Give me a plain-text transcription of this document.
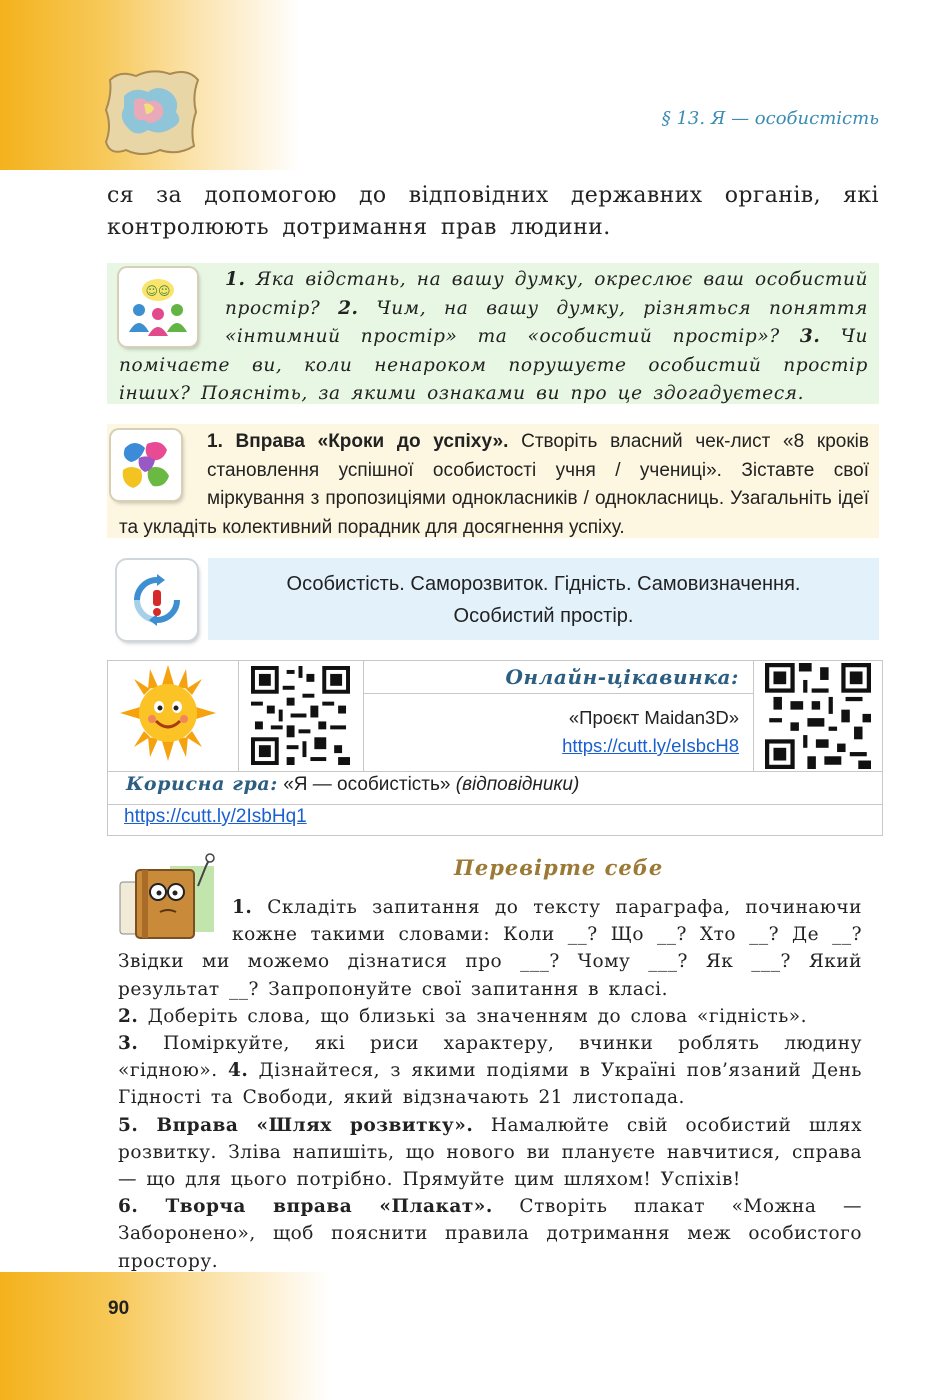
§ 13. Я — особистість

ся за допомогою до відповідних державних органів, які контролюють дотримання прав людини.

☺☺
1. Яка відстань, на вашу думку, окреслює ваш особистий простір? 2. Чим, на вашу думку, різняться поняття «інтимний простір» та «особистий простір»? 3. Чи помічаєте ви, коли ненароком порушуєте особистий простір інших? Поясніть, за якими ознаками ви про це здогадуєтеся.
1. Вправа «Кроки до успіху». Створіть власний чек-лист «8 кроків становлення успішної особистості учня / учениці». Зіставте свої міркування з пропозиціями однокласників / однокласниць. Узагальніть ідеї та укладіть колективний порадник для досягнення успіху.
Особистість. Саморозвиток. Гідність. Самовизначення.
Особистий простір.
Онлайн-цікавинка:
«Проєкт Maidan3D»
https://cutt.ly/eIsbcH8
Корисна гра: «Я — особистість» (відповідники)
https://cutt.ly/2IsbHq1
Перевірте себе

1. Складіть запитання до тексту параграфа, починаючи кожне такими словами: Коли __? Що __? Хто __? Де __? Звідки ми можемо дізнатися про ___? Чому ___? Як ___? Який результат __? Запропонуйте свої запитання в класі.

2. Доберіть слова, що близькі за значенням до слова «гідність».

3. Поміркуйте, які риси характеру, вчинки роблять людину «гідною». 4. Дізнайтеся, з якими подіями в Україні пов’язаний День Гідності та Свободи, який відзначають 21 листопада.

5. Вправа «Шлях розвитку». Намалюйте свій особистий шлях розвитку. Зліва напишіть, що нового ви плануєте навчитися, справа — що для цього потрібно. Прямуйте цим шляхом! Успіхів!

6. Творча вправа «Плакат». Створіть плакат «Можна — Заборонено», щоб пояснити правила дотримання меж особистого простору.

90
